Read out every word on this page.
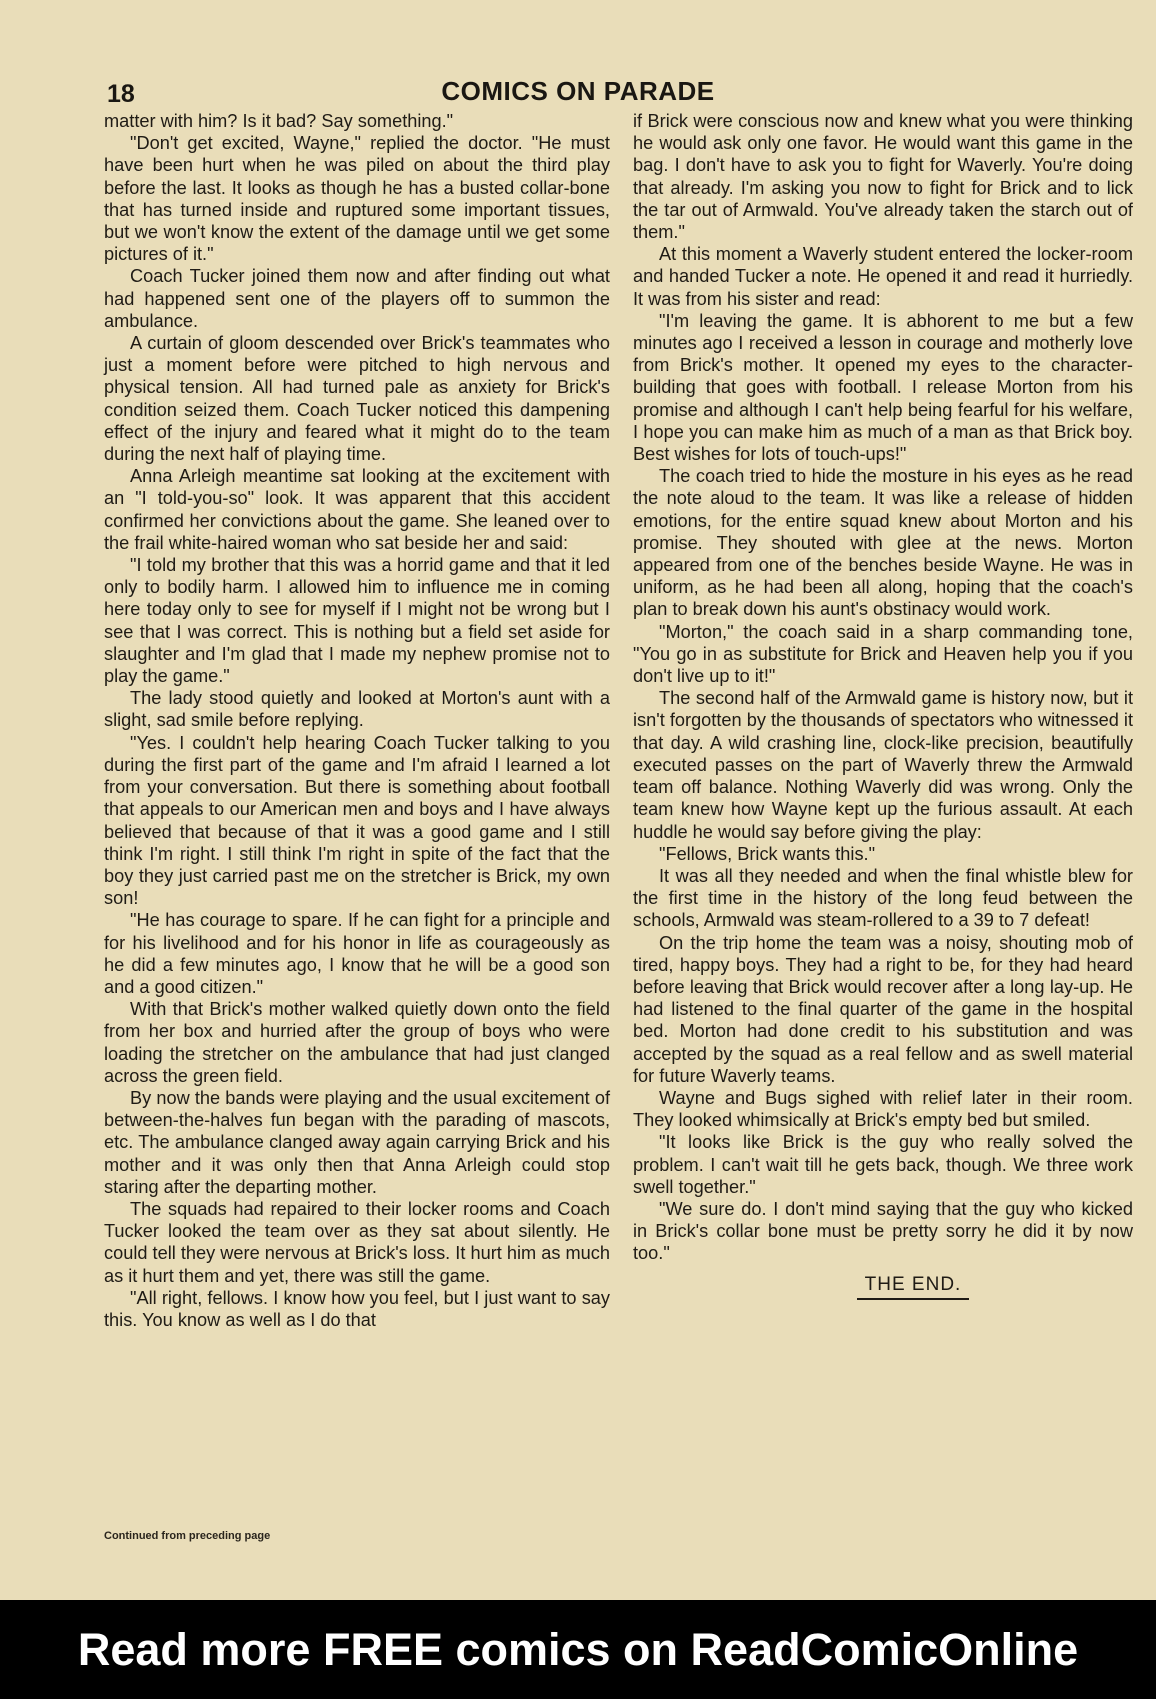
18	COMICS ON PARADE

matter with him? Is it bad? Say something."

"Don't get excited, Wayne," replied the doctor. "He must have been hurt when he was piled on about the third play before the last. It looks as though he has a busted collar-bone that has turned inside and ruptured some important tissues, but we won't know the extent of the damage until we get some pictures of it."

Coach Tucker joined them now and after finding out what had happened sent one of the players off to summon the ambulance.

A curtain of gloom descended over Brick's teammates who just a moment before were pitched to high nervous and physical tension. All had turned pale as anxiety for Brick's condition seized them. Coach Tucker noticed this dampening effect of the injury and feared what it might do to the team during the next half of playing time.

Anna Arleigh meantime sat looking at the excitement with an "I told-you-so" look. It was apparent that this accident confirmed her convictions about the game. She leaned over to the frail white-haired woman who sat beside her and said:

"I told my brother that this was a horrid game and that it led only to bodily harm. I allowed him to influence me in coming here today only to see for myself if I might not be wrong but I see that I was correct. This is nothing but a field set aside for slaughter and I'm glad that I made my nephew promise not to play the game."

The lady stood quietly and looked at Morton's aunt with a slight, sad smile before replying.

"Yes. I couldn't help hearing Coach Tucker talking to you during the first part of the game and I'm afraid I learned a lot from your conversation. But there is something about football that appeals to our American men and boys and I have always believed that because of that it was a good game and I still think I'm right. I still think I'm right in spite of the fact that the boy they just carried past me on the stretcher is Brick, my own son!

"He has courage to spare. If he can fight for a principle and for his livelihood and for his honor in life as courageously as he did a few minutes ago, I know that he will be a good son and a good citizen."

With that Brick's mother walked quietly down onto the field from her box and hurried after the group of boys who were loading the stretcher on the ambulance that had just clanged across the green field.

By now the bands were playing and the usual excitement of between-the-halves fun began with the parading of mascots, etc. The ambulance clanged away again carrying Brick and his mother and it was only then that Anna Arleigh could stop staring after the departing mother.

The squads had repaired to their locker rooms and Coach Tucker looked the team over as they sat about silently. He could tell they were nervous at Brick's loss. It hurt him as much as it hurt them and yet, there was still the game.

"All right, fellows. I know how you feel, but I just want to say this. You know as well as I do that

if Brick were conscious now and knew what you were thinking he would ask only one favor. He would want this game in the bag. I don't have to ask you to fight for Waverly. You're doing that already. I'm asking you now to fight for Brick and to lick the tar out of Armwald. You've already taken the starch out of them."

At this moment a Waverly student entered the locker-room and handed Tucker a note. He opened it and read it hurriedly. It was from his sister and read:

"I'm leaving the game. It is abhorent to me but a few minutes ago I received a lesson in courage and motherly love from Brick's mother. It opened my eyes to the character-building that goes with football. I release Morton from his promise and although I can't help being fearful for his welfare, I hope you can make him as much of a man as that Brick boy. Best wishes for lots of touch-ups!"

The coach tried to hide the mosture in his eyes as he read the note aloud to the team. It was like a release of hidden emotions, for the entire squad knew about Morton and his promise. They shouted with glee at the news. Morton appeared from one of the benches beside Wayne. He was in uniform, as he had been all along, hoping that the coach's plan to break down his aunt's obstinacy would work.

"Morton," the coach said in a sharp commanding tone, "You go in as substitute for Brick and Heaven help you if you don't live up to it!"

The second half of the Armwald game is history now, but it isn't forgotten by the thousands of spectators who witnessed it that day. A wild crashing line, clock-like precision, beautifully executed passes on the part of Waverly threw the Armwald team off balance. Nothing Waverly did was wrong. Only the team knew how Wayne kept up the furious assault. At each huddle he would say before giving the play:

"Fellows, Brick wants this."

It was all they needed and when the final whistle blew for the first time in the history of the long feud between the schools, Armwald was steam-rollered to a 39 to 7 defeat!

On the trip home the team was a noisy, shouting mob of tired, happy boys. They had a right to be, for they had heard before leaving that Brick would recover after a long lay-up. He had listened to the final quarter of the game in the hospital bed. Morton had done credit to his substitution and was accepted by the squad as a real fellow and as swell material for future Waverly teams.

Wayne and Bugs sighed with relief later in their room. They looked whimsically at Brick's empty bed but smiled.

"It looks like Brick is the guy who really solved the problem. I can't wait till he gets back, though. We three work swell together."

"We sure do. I don't mind saying that the guy who kicked in Brick's collar bone must be pretty sorry he did it by now too."

THE END.
Continued from preceding page
Read more FREE comics on ReadComicOnline
